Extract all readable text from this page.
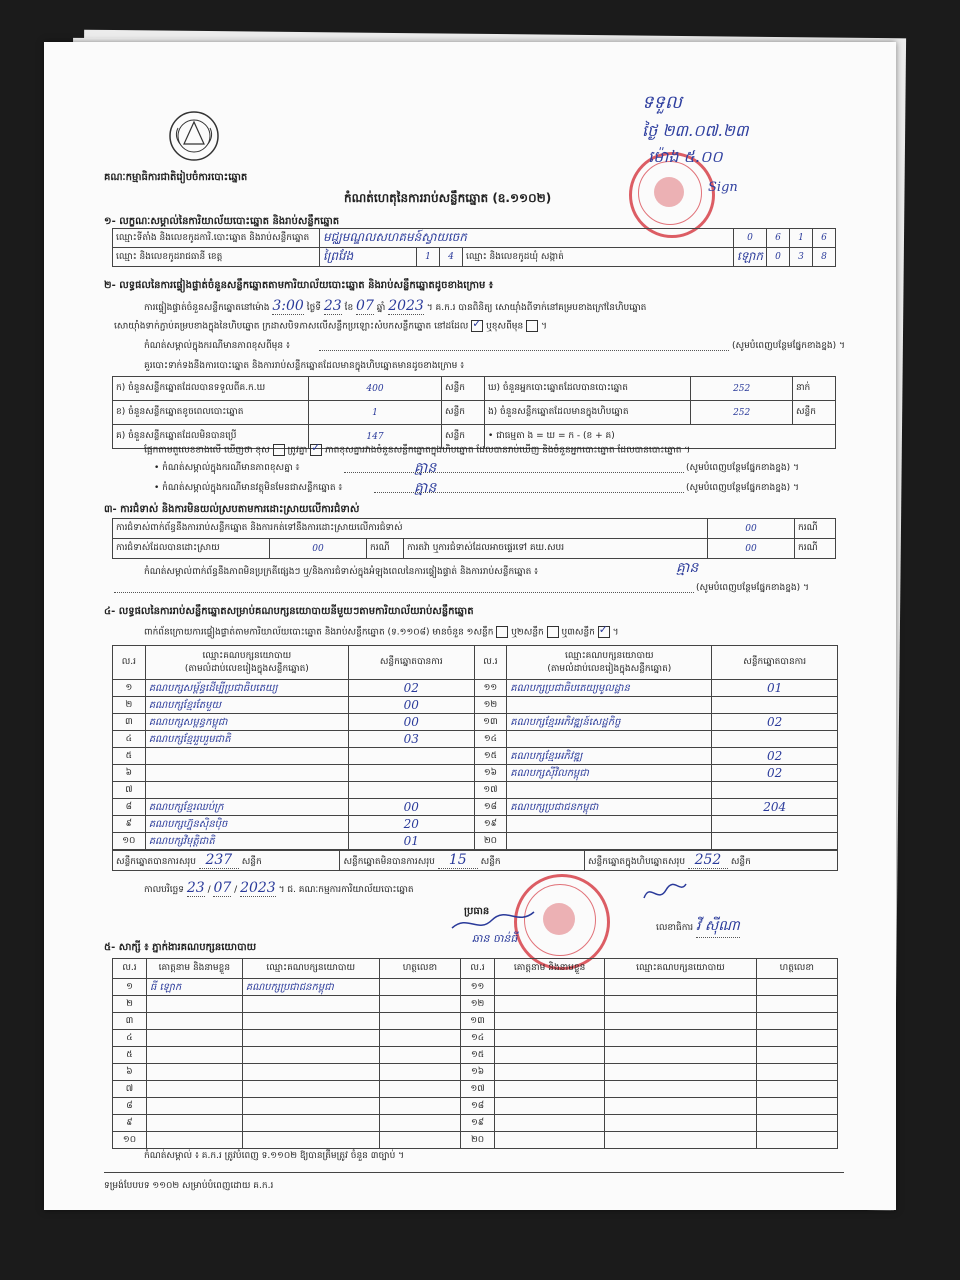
គណៈកម្មាធិការជាតិរៀបចំការបោះឆ្នោត
ទទួល
ថ្ងៃ ២៣.០៧.២៣
ម៉ោង ៥.០០
Sign
កំណត់ហេតុនៃការរាប់សន្លឹកឆ្នោត (ឧ.១១០២)
១- លក្ខណៈសម្គាល់នៃការិយាល័យបោះឆ្នោត និងរាប់សន្លឹកឆ្នោត
ឈ្មោះទីតាំង និងលេខកូដការិ.បោះឆ្នោត និងរាប់សន្លឹកឆ្នោត	មជ្ឈមណ្ឌលសហគមន៍ស្វាយចេក				0	6	1	6
ឈ្មោះ និងលេខកូដរាជធានី ខេត្ត	ព្រៃវែង	1	4	ឈ្មោះ និងលេខកូដឃុំ សង្កាត់	ឡោក	0	3	8
២- លទ្ធផលនៃការផ្ទៀងផ្ទាត់ចំនួនសន្លឹកឆ្នោតតាមការិយាល័យបោះឆ្នោត និងរាប់សន្លឹកឆ្នោតដូចខាងក្រោម ៖
ការផ្ទៀងផ្ទាត់ចំនួនសន្លឹកឆ្នោតនៅម៉ោង 3:00 ថ្ងៃទី 23 ខែ 07 ឆ្នាំ 2023 ។ គ.ក.រ បានពិនិត្យ សោយ៉ាំងពីទាក់នៅគម្របខាងក្រៅនៃហិបឆ្នោត
សោយ៉ាំងទាក់ភ្ជាប់គម្របខាងក្នុងនៃហិបឆ្នោត ក្រដាសបិទភាសលើសន្លឹកប្រឡោះសំបកសន្លឹកឆ្នោត នៅដដែល ✓ ឬខុសពីមុន  ។
កំណត់សម្គាល់ក្នុងករណីមានភាពខុសពីមុន ៖	(សូមបំពេញបន្ថែមផ្នែកខាងខ្នង) ។
គួរបោះទាក់ទងនឹងការបោះឆ្នោត និងការរាប់សន្លឹកឆ្នោតដែលមានក្នុងហិបឆ្នោតមានដូចខាងក្រោម ៖
ក) ចំនួនសន្លឹកឆ្នោតដែលបានទទួលពីគ.ក.ឃ	400	សន្លឹក	ឃ) ចំនួនអ្នកបោះឆ្នោតដែលបានបោះឆ្នោត	252	នាក់
ខ) ចំនួនសន្លឹកឆ្នោតខូចពេលបោះឆ្នោត	1	សន្លឹក	ង) ចំនួនសន្លឹកឆ្នោតដែលមានក្នុងហិបឆ្នោត	252	សន្លឹក
គ) ចំនួនសន្លឹកឆ្នោតដែលមិនបានប្រើ	147	សន្លឹក	• ជាធម្មតា ង = ឃ = ក - (ខ + គ)		
ផ្អែកតាមតួលេខខាងលើ ឃើញថា ខុស ត្រូវគ្នា ✓ ភាពខុសគ្នារវាងចំនួនសន្លឹកឆ្នោតក្នុងហិបឆ្នោត ដែលបានរាប់ឃើញ និងចំនួនអ្នកបោះឆ្នោត ដែលបានបោះឆ្នោត ។
• កំណត់សម្គាល់ក្នុងករណីមានភាពខុសគ្នា ៖	គ្មាន	(សូមបំពេញបន្ថែមផ្នែកខាងខ្នង) ។
• កំណត់សម្គាល់ក្នុងករណីមានវត្ថុមិនមែនជាសន្លឹកឆ្នោត ៖	គ្មាន	(សូមបំពេញបន្ថែមផ្នែកខាងខ្នង) ។
៣- ការជំទាស់ និងការមិនយល់ស្របតាមការដោះស្រាយលើការជំទាស់
ការជំទាស់ពាក់ព័ន្ធនឹងការរាប់សន្លឹកឆ្នោត និងការកត់ទៅនឹងការដោះស្រាយលើការជំទាស់				00	ករណី
ការជំទាស់ដែលបានដោះស្រាយ	00	ករណី	ការតវ៉ា ឬការជំទាស់ដែលអាចផ្ទេរទៅ គឃ.សបរ	00	ករណី
កំណត់សម្គាល់ពាក់ព័ន្ធនឹងភាពមិនប្រក្រតីផ្សេងៗ ឬ/និងការជំទាស់ក្នុងអំឡុងពេលនៃការផ្ទៀងផ្ទាត់ និងការរាប់សន្លឹកឆ្នោត ៖	គ្មាន
(សូមបំពេញបន្ថែមផ្នែកខាងខ្នង) ។
៤- លទ្ធផលនៃការរាប់សន្លឹកឆ្នោតសម្រាប់គណបក្សនយោបាយនីមួយៗតាមការិយាល័យរាប់សន្លឹកឆ្នោត
ពាក់ព័នក្រោយការផ្ទៀងផ្ទាត់តាមការិយាល័យបោះឆ្នោត និងរាប់សន្លឹកឆ្នោត (ទ.១១០៨) មានចំនួន ១សន្លឹក ឬ២សន្លឹក ឬ៣សន្លឹក ✓ ។
ល.រ	ឈ្មោះគណបក្សនយោបាយ
(តាមលំដាប់លេខរៀងក្នុងសន្លឹកឆ្នោត)	សន្លឹកឆ្នោតបានការ	ល.រ	ឈ្មោះគណបក្សនយោបាយ
(តាមលំដាប់លេខរៀងក្នុងសន្លឹកឆ្នោត)	សន្លឹកឆ្នោតបានការ
១	គណបក្សសម្ព័ន្ធដើម្បីប្រជាធិបតេយ្យ	02	១១	គណបក្សប្រជាធិបតេយ្យមូលដ្ឋាន	01
២	គណបក្សខ្មែរតែមួយ	00	១២		
៣	គណបក្សសម្ពន្ធកម្ពុជា	00	១៣	គណបក្សខ្មែរអភិវឌ្ឍន៍សេដ្ឋកិច្ច	02
៤	គណបក្សខ្មែររួបរួមជាតិ	03	១៤		
៥			១៥	គណបក្សខ្មែរអភិវឌ្ឍ	02
៦			១៦	គណបក្សស៊ីវិលកម្ពុជា	02
៧			១៧		
៨	គណបក្សខ្មែរឈប់ក្រ	00	១៨	គណបក្សប្រជាជនកម្ពុជា	204
៩	គណបក្សហ្វ៊ុនស៊ិនប៉ិច	20	១៩		
១០	គណបក្សវិមុត្តិជាតិ	01	២០		
សន្លឹកឆ្នោតបានការសរុប 237 សន្លឹក	សន្លឹកឆ្នោតមិនបានការសរុប 15 សន្លឹក	សន្លឹកឆ្នោតក្នុងហិបឆ្នោតសរុប 252 សន្លឹក
កាលបរិច្ឆេទ 23 / 07 / 2023 ។ ជ. គណៈកម្មការការិយាល័យបោះឆ្នោត
ប្រធាន
ឆាន ចាន់ធី
លេខាធិការ វី ស៊ីណា
៥- សាក្សី ៖ ភ្នាក់ងារគណបក្សនយោបាយ
ល.រ	គោត្តនាម និងនាមខ្លួន	ឈ្មោះគណបក្សនយោបាយ	ហត្ថលេខា	ល.រ	គោត្តនាម និងនាមខ្លួន	ឈ្មោះគណបក្សនយោបាយ	ហត្ថលេខា
១	ធី ឡោក	គណបក្សប្រជាជនកម្ពុជា		១១			
២				១២			
៣				១៣			
៤				១៤			
៥				១៥			
៦				១៦			
៧				១៧			
៨				១៨			
៩				១៩			
១០				២០			
កំណត់សម្គាល់ ៖ គ.ក.រ ត្រូវបំពេញ ទ.១១០២ ឱ្យបានត្រឹមត្រូវ ចំនួន ៣ច្បាប់ ។
ទម្រង់បែបបទ ១១០២ សម្រាប់បំពេញដោយ គ.ក.រ
